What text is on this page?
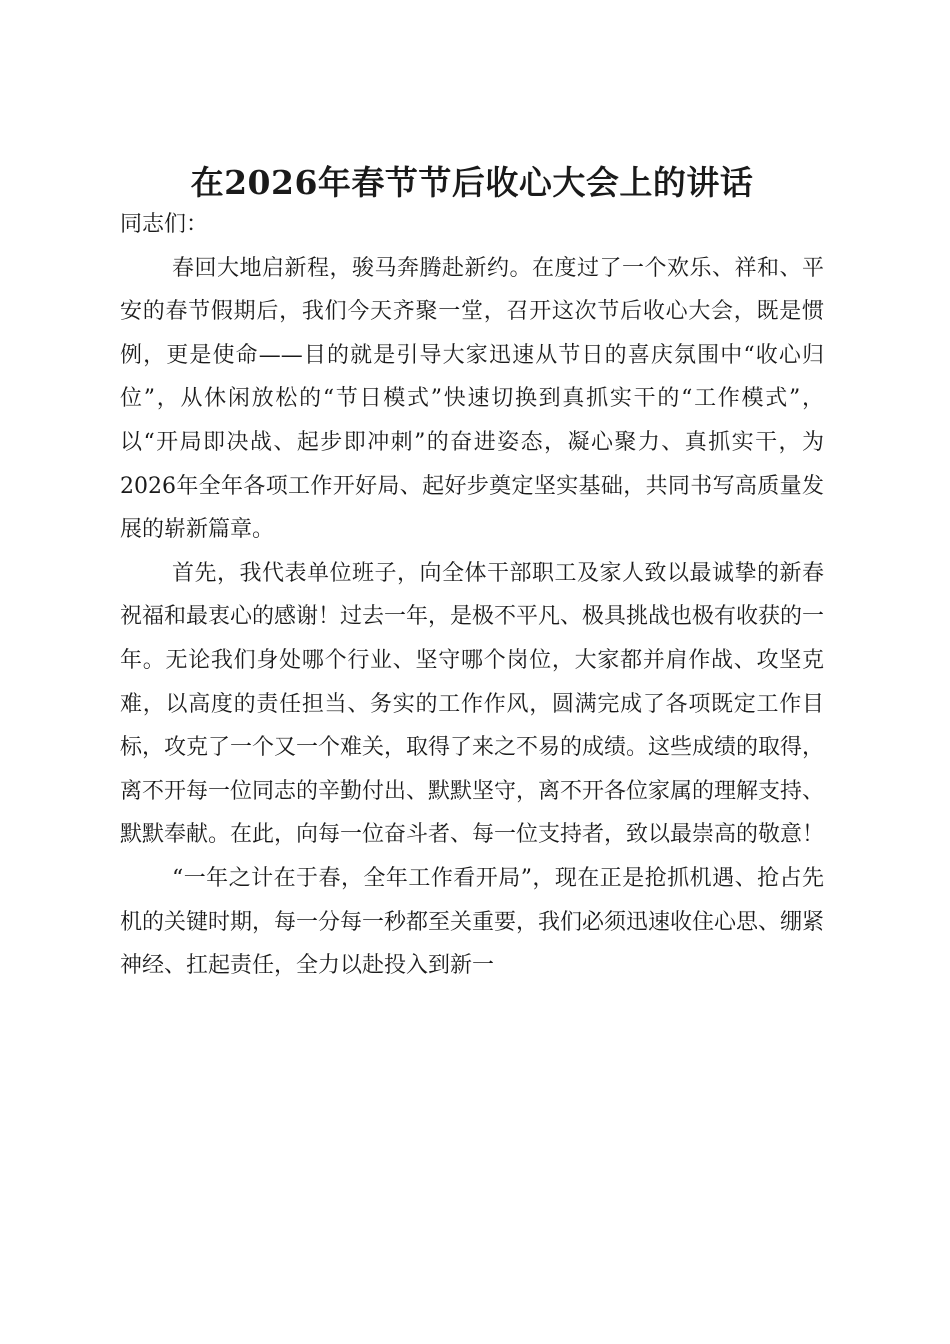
在2026年春节节后收心大会上的讲话

同志们：

春回大地启新程，骏马奔腾赴新约。在度过了一个欢乐、祥和、平安的春节假期后，我们今天齐聚一堂，召开这次节后收心大会，既是惯例，更是使命——目的就是引导大家迅速从节日的喜庆氛围中“收心归位”，从休闲放松的“节日模式”快速切换到真抓实干的“工作模式”，以“开局即决战、起步即冲刺”的奋进姿态，凝心聚力、真抓实干，为2026年全年各项工作开好局、起好步奠定坚实基础，共同书写高质量发展的崭新篇章。

首先，我代表单位班子，向全体干部职工及家人致以最诚挚的新春祝福和最衷心的感谢！过去一年，是极不平凡、极具挑战也极有收获的一年。无论我们身处哪个行业、坚守哪个岗位，大家都并肩作战、攻坚克难，以高度的责任担当、务实的工作作风，圆满完成了各项既定工作目标，攻克了一个又一个难关，取得了来之不易的成绩。这些成绩的取得，离不开每一位同志的辛勤付出、默默坚守，离不开各位家属的理解支持、默默奉献。在此，向每一位奋斗者、每一位支持者，致以最崇高的敬意！

“一年之计在于春，全年工作看开局”，现在正是抢抓机遇、抢占先机的关键时期，每一分每一秒都至关重要，我们必须迅速收住心思、绷紧神经、扛起责任，全力以赴投入到新一
